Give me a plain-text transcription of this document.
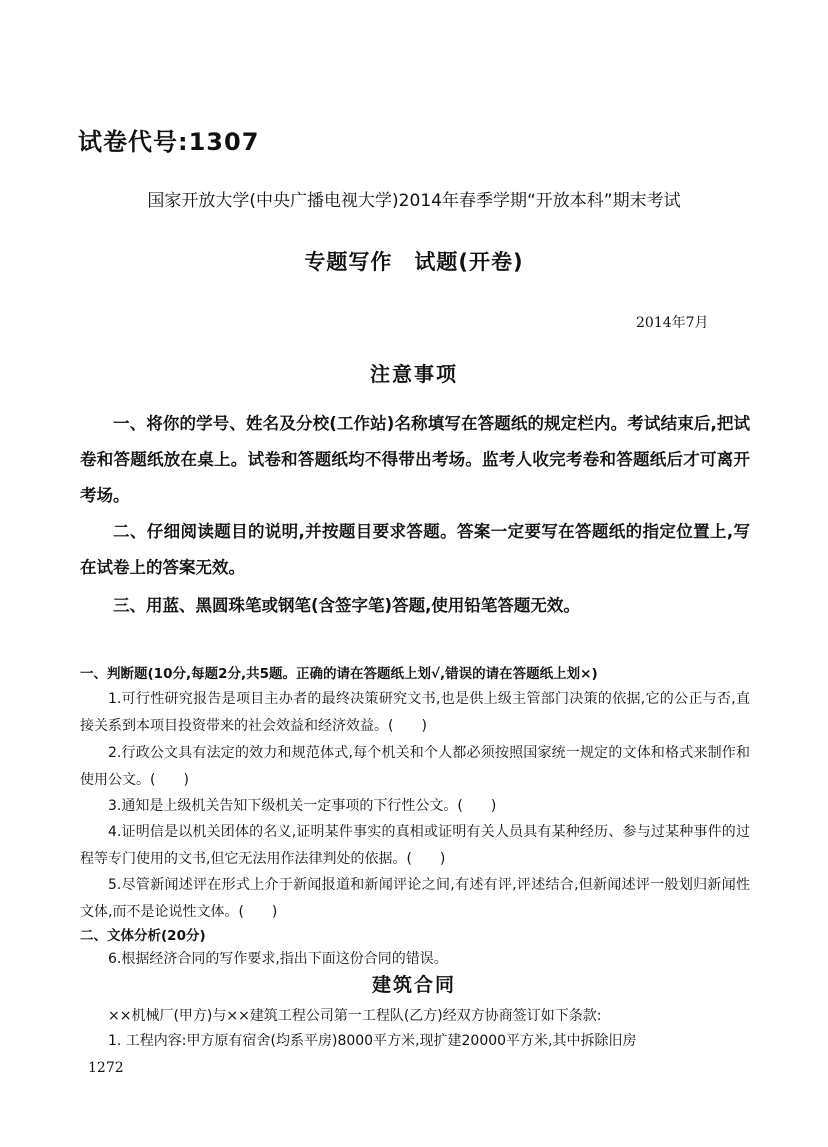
试卷代号:1307
国家开放大学(中央广播电视大学)2014年春季学期“开放本科”期末考试
专题写作　试题(开卷)
2014年7月
注意事项
一、将你的学号、姓名及分校(工作站)名称填写在答题纸的规定栏内。考试结束后,把试卷和答题纸放在桌上。试卷和答题纸均不得带出考场。监考人收完考卷和答题纸后才可离开考场。
二、仔细阅读题目的说明,并按题目要求答题。答案一定要写在答题纸的指定位置上,写在试卷上的答案无效。
三、用蓝、黑圆珠笔或钢笔(含签字笔)答题,使用铅笔答题无效。
一、判断题(10分,每题2分,共5题。正确的请在答题纸上划√,错误的请在答题纸上划×)
1.可行性研究报告是项目主办者的最终决策研究文书,也是供上级主管部门决策的依据,它的公正与否,直接关系到本项目投资带来的社会效益和经济效益。(　　)
2.行政公文具有法定的效力和规范体式,每个机关和个人都必须按照国家统一规定的文体和格式来制作和使用公文。(　　)
3.通知是上级机关告知下级机关一定事项的下行性公文。(　　)
4.证明信是以机关团体的名义,证明某件事实的真相或证明有关人员具有某种经历、参与过某种事件的过程等专门使用的文书,但它无法用作法律判处的依据。(　　)
5.尽管新闻述评在形式上介于新闻报道和新闻评论之间,有述有评,评述结合,但新闻述评一般划归新闻性文体,而不是论说性文体。(　　)
二、文体分析(20分)
6.根据经济合同的写作要求,指出下面这份合同的错误。
建筑合同
××机械厂(甲方)与××建筑工程公司第一工程队(乙方)经双方协商签订如下条款:
1. 工程内容:甲方原有宿舍(均系平房)8000平方米,现扩建20000平方米,其中拆除旧房
1272
